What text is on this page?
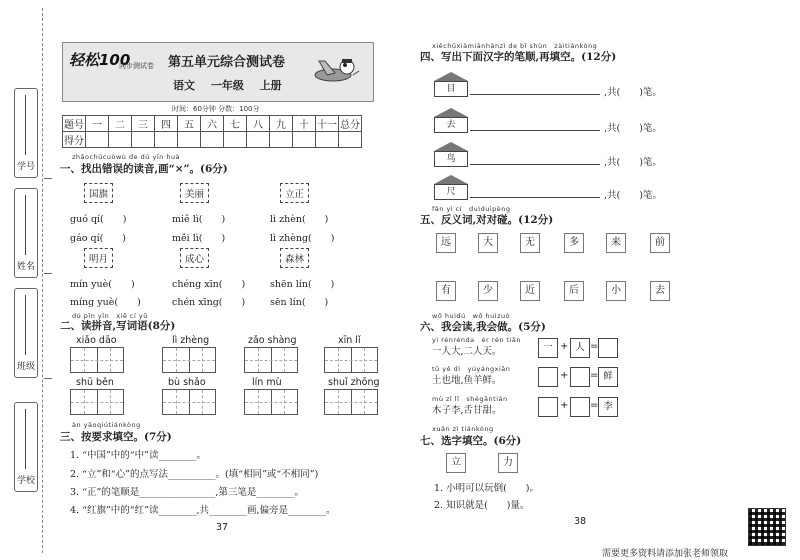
学号
姓名
班级
学校
轻松100
同步测试卷 第五单元综合测试卷
语文 一年级 上册
时间：60分钟 分数：100分
题号	一	二	三	四	五	六	七	八	九	十	十一	总分
得分												
zhǎochūcuòwù de dú yīn huà
一、找出错误的读音,画“×”。(6分)
国旗
guó qí(　　)
gáo qí(　　)
美丽
miě lì(　　)
měi lì(　　)
立正
lì zhèn(　　)
lì zhèng(　　)
明月
mín yuè(　　)
míng yuè(　　)
成心
chéng xīn(　　)
chén xīng(　　)
森林
shēn lín(　　)
sēn lín(　　)
dú pīn yīn　xiě cí yǔ
二、读拼音,写词语(8分)
xiǎo dāo	lì zhèng	zǎo shàng	xīn lǐ
shū běn	bù shǎo	lín mù	shuǐ zhōng
àn yāoqiútiánkòng
三、按要求填空。(7分)
1. “中国”中的“中”读________。
2. “立”和“心”的点写法__________。(填“相同”或“不相同”)
3. “正”的笔顺是________________,第三笔是________。
4. “红旗”中的“红”读________,共________画,偏旁是________。
37
xiěchūxiàmiànhànzì de bǐ shùn　zàitiánkòng
四、写出下面汉字的笔顺,再填空。(12分)
目	,共(　　)笔。
去	,共(　　)笔。
鸟	,共(　　)笔。
尺	,共(　　)笔。
fǎn yì cí　duìduìpèng
五、反义词,对对碰。(12分)
远	大	无	多	来	前
有	少	近	后	小	去
wǒ huìdú　wǒ huìzuò
六、我会读,我会做。(5分)
yì rénrénda　èr rén tiān
一人大,二人天。	一 + 人 =
tǔ yě dì　yúyángxiān
土也地,鱼羊鲜。	+ = 鲜
mù zǐ lǐ　shégāntián
木子李,舌甘甜。	+ = 李
xuǎn zì tiánkòng
七、选字填空。(6分)
立	力
1. 小明可以玩倒(　　)。
2. 知识就是(　　)量。
38
需要更多资料请添加张老师领取
